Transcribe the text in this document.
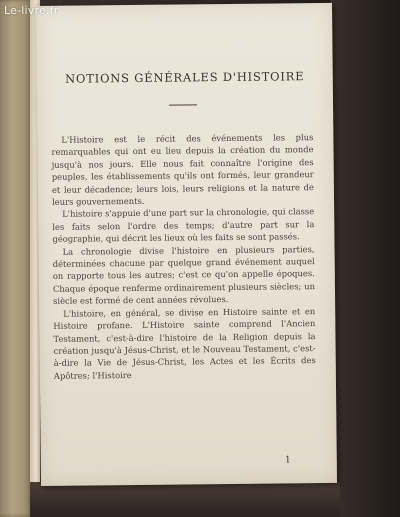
NOTIONS GÉNÉRALES D'HISTOIRE

L'Histoire est le récit des événements les plus remarquables qui ont eu lieu depuis la création du monde jusqu'à nos jours. Elle nous fait connaître l'origine des peuples, les établissements qu'ils ont formés, leur grandeur et leur décadence; leurs lois, leurs religions et la nature de leurs gouvernements.

L'histoire s'appuie d'une part sur la chronologie, qui classe les faits selon l'ordre des temps; d'autre part sur la géographie, qui décrit les lieux où les faits se sont passés.

La chronologie divise l'histoire en plusieurs parties, déterminées chacune par quelque grand événement auquel on rapporte tous les autres; c'est ce qu'on appelle époques. Chaque époque renferme ordinairement plusieurs siècles; un siècle est formé de cent années révolues.

L'histoire, en général, se divise en Histoire sainte et en Histoire profane. L'Histoire sainte comprend l'Ancien Testament, c'est-à-dire l'histoire de la Religion depuis la création jusqu'à Jésus-Christ, et le Nouveau Testament, c'est-à-dire la Vie de Jésus-Christ, les Actes et les Écrits des Apôtres; l'Histoire

1
Le-livre.fr
